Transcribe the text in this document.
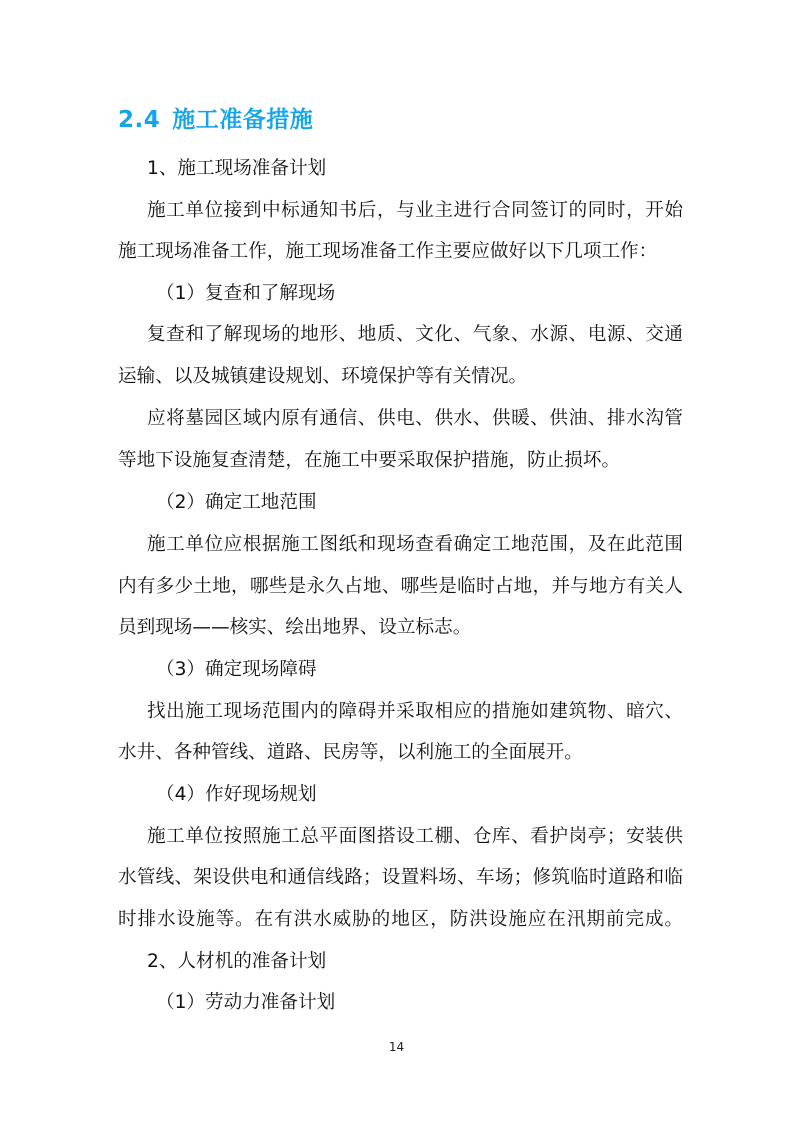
2.4 施工准备措施
1、施工现场准备计划
施工单位接到中标通知书后，与业主进行合同签订的同时，开始
施工现场准备工作，施工现场准备工作主要应做好以下几项工作：
（1）复查和了解现场
复查和了解现场的地形、地质、文化、气象、水源、电源、交通
运输、以及城镇建设规划、环境保护等有关情况。
应将墓园区域内原有通信、供电、供水、供暖、供油、排水沟管
等地下设施复查清楚，在施工中要采取保护措施，防止损坏。
（2）确定工地范围
施工单位应根据施工图纸和现场查看确定工地范围，及在此范围
内有多少土地，哪些是永久占地、哪些是临时占地，并与地方有关人
员到现场——核实、绘出地界、设立标志。
（3）确定现场障碍
找出施工现场范围内的障碍并采取相应的措施如建筑物、暗穴、
水井、各种管线、道路、民房等，以利施工的全面展开。
（4）作好现场规划
施工单位按照施工总平面图搭设工棚、仓库、看护岗亭；安装供
水管线、架设供电和通信线路；设置料场、车场；修筑临时道路和临
时排水设施等。在有洪水威胁的地区，防洪设施应在汛期前完成。
2、人材机的准备计划
（1）劳动力准备计划
14
